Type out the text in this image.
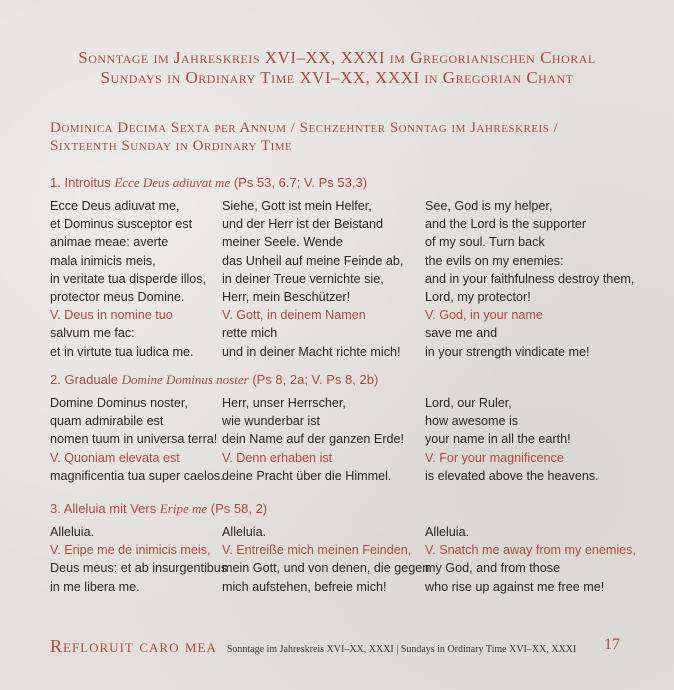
Sonntage im Jahreskreis XVI–XX, XXXI im Gregorianischen Choral
Sundays in Ordinary Time XVI–XX, XXXI in Gregorian Chant
Dominica Decima Sexta per Annum / Sechzehnter Sonntag im Jahreskreis /
Sixteenth Sunday in Ordinary Time
1. Introitus Ecce Deus adiuvat me (Ps 53, 6.7; V. Ps 53,3)
Ecce Deus adiuvat me,
et Dominus susceptor est
animae meae: averte
mala inimicis meis,
in veritate tua disperde illos,
protector meus Domine.
V. Deus in nomine tuo
salvum me fac:
et in virtute tua iudica me.
Siehe, Gott ist mein Helfer,
und der Herr ist der Beistand
meiner Seele. Wende
das Unheil auf meine Feinde ab,
in deiner Treue vernichte sie,
Herr, mein Beschützer!
V. Gott, in deinem Namen
rette mich
und in deiner Macht richte mich!
See, God is my helper,
and the Lord is the supporter
of my soul. Turn back
the evils on my enemies:
and in your faithfulness destroy them,
Lord, my protector!
V. God, in your name
save me and
in your strength vindicate me!
2. Graduale Domine Dominus noster (Ps 8, 2a; V. Ps 8, 2b)
Domine Dominus noster,
quam admirabile est
nomen tuum in universa terra!
V. Quoniam elevata est
magnificentia tua super caelos.
Herr, unser Herrscher,
wie wunderbar ist
dein Name auf der ganzen Erde!
V. Denn erhaben ist
deine Pracht über die Himmel.
Lord, our Ruler,
how awesome is
your name in all the earth!
V. For your magnificence
is elevated above the heavens.
3. Alleluia mit Vers Eripe me (Ps 58, 2)
Alleluia.
V. Eripe me de inimicis meis,
Deus meus: et ab insurgentibus
in me libera me.
Alleluia.
V. Entreiße mich meinen Feinden,
mein Gott, und von denen, die gegen
mich aufstehen, befreie mich!
Alleluia.
V. Snatch me away from my enemies,
my God, and from those
who rise up against me free me!
Refloruit caro mea Sonntage im Jahreskreis XVI–XX, XXXI | Sundays in Ordinary Time XVI–XX, XXXI 17
